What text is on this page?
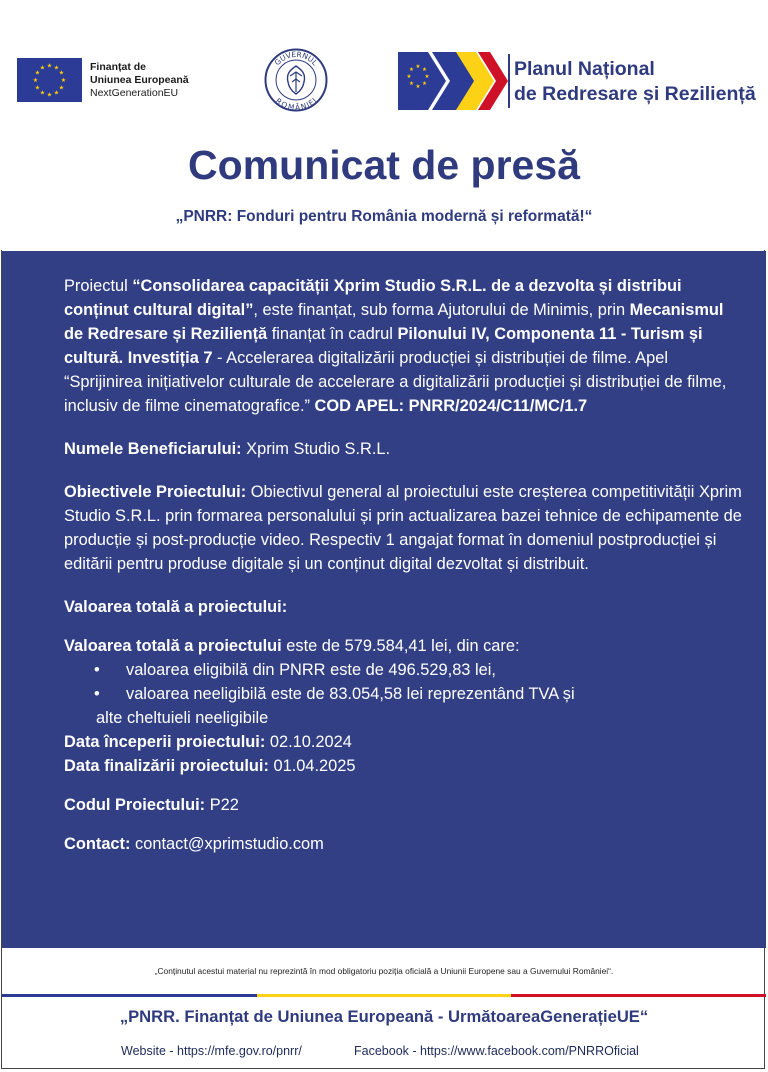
★ ★
★
★
★
★
★
★
★
★
★
★	Finanțat de
Uniunea Europeană
NextGenerationEU
GUVERNUL
ROMÂNIEI
★ ★
★
★
★
★
★
★	Planul Național
de Redresare și Reziliență
Comunicat de presă
„PNRR: Fonduri pentru România modernă și reformată!“

Proiectul “Consolidarea capacității Xprim Studio S.R.L. de a dezvolta și distribui conținut cultural digital”, este finanțat, sub forma Ajutorului de Minimis, prin Mecanismul de Redresare și Reziliență finanțat în cadrul Pilonului IV, Componenta 11 - Turism și cultură. Investiția 7 - Accelerarea digitalizării producției și distribuției de filme. Apel “Sprijinirea inițiativelor culturale de accelerare a digitalizării producției și distribuției de filme, inclusiv de filme cinematografice.” COD APEL: PNRR/2024/C11/MC/1.7

Numele Beneficiarului: Xprim Studio S.R.L.

Obiectivele Proiectului: Obiectivul general al proiectului este creșterea competitivității Xprim Studio S.R.L. prin formarea personalului și prin actualizarea bazei tehnice de echipamente de producție și post-producție video. Respectiv 1 angajat format în domeniul postproducției și editării pentru produse digitale și un conținut digital dezvoltat și distribuit.

Valoarea totală a proiectului:

Valoarea totală a proiectului este de 579.584,41 lei, din care:

• valoarea eligibilă din PNRR este de 496.529,83 lei,
• valoarea neeligibilă este de 83.054,58 lei reprezentând TVA și

alte cheltuieli neeligibile

Data începerii proiectului: 02.10.2024

Data finalizării proiectului: 01.04.2025

Codul Proiectului: P22

Contact: contact@xprimstudio.com

„Conținutul acestui material nu reprezintă în mod obligatoriu poziția oficială a Uniunii Europene sau a Guvernului României“.
„PNRR. Finanțat de Uniunea Europeană - UrmătoareaGenerațieUE“
Website - https://mfe.gov.ro/pnrr/	Facebook - https://www.facebook.com/PNRROficial
